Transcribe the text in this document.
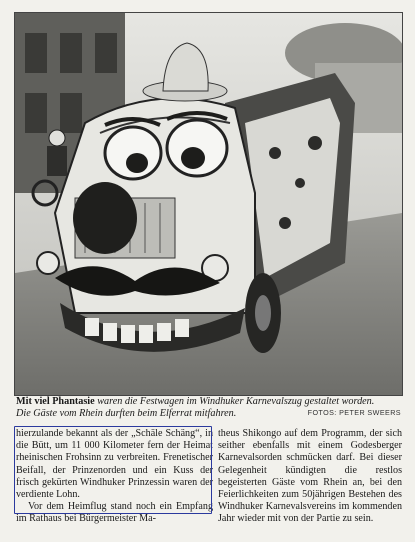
Mit viel Phantasie waren die Festwagen im Windhuker Karnevalszug gestaltet worden.
Die Gäste vom Rhein durften beim Elferrat mitfahren.	FOTOS: PETER SWEERS

hierzulande bekannt als der „Schäle Schäng“, in die Bütt, um 11 000 Kilometer fern der Heimat rheinischen Frohsinn zu verbreiten. Frenetischer Beifall, der Prinzenorden und ein Kuss der frisch gekürten Windhuker Prinzessin waren der verdiente Lohn.

Vor dem Heimflug stand noch ein Empfang im Rathaus bei Bürgermeister Ma-

theus Shikongo auf dem Programm, der sich seither ebenfalls mit einem Godesberger Karnevalsorden schmücken darf. Bei dieser Gelegenheit kündigten die restlos begeisterten Gäste vom Rhein an, bei den Feierlichkeiten zum 50jährigen Bestehen des Windhuker Karnevalsvereins im kommenden Jahr wieder mit von der Partie zu sein.
